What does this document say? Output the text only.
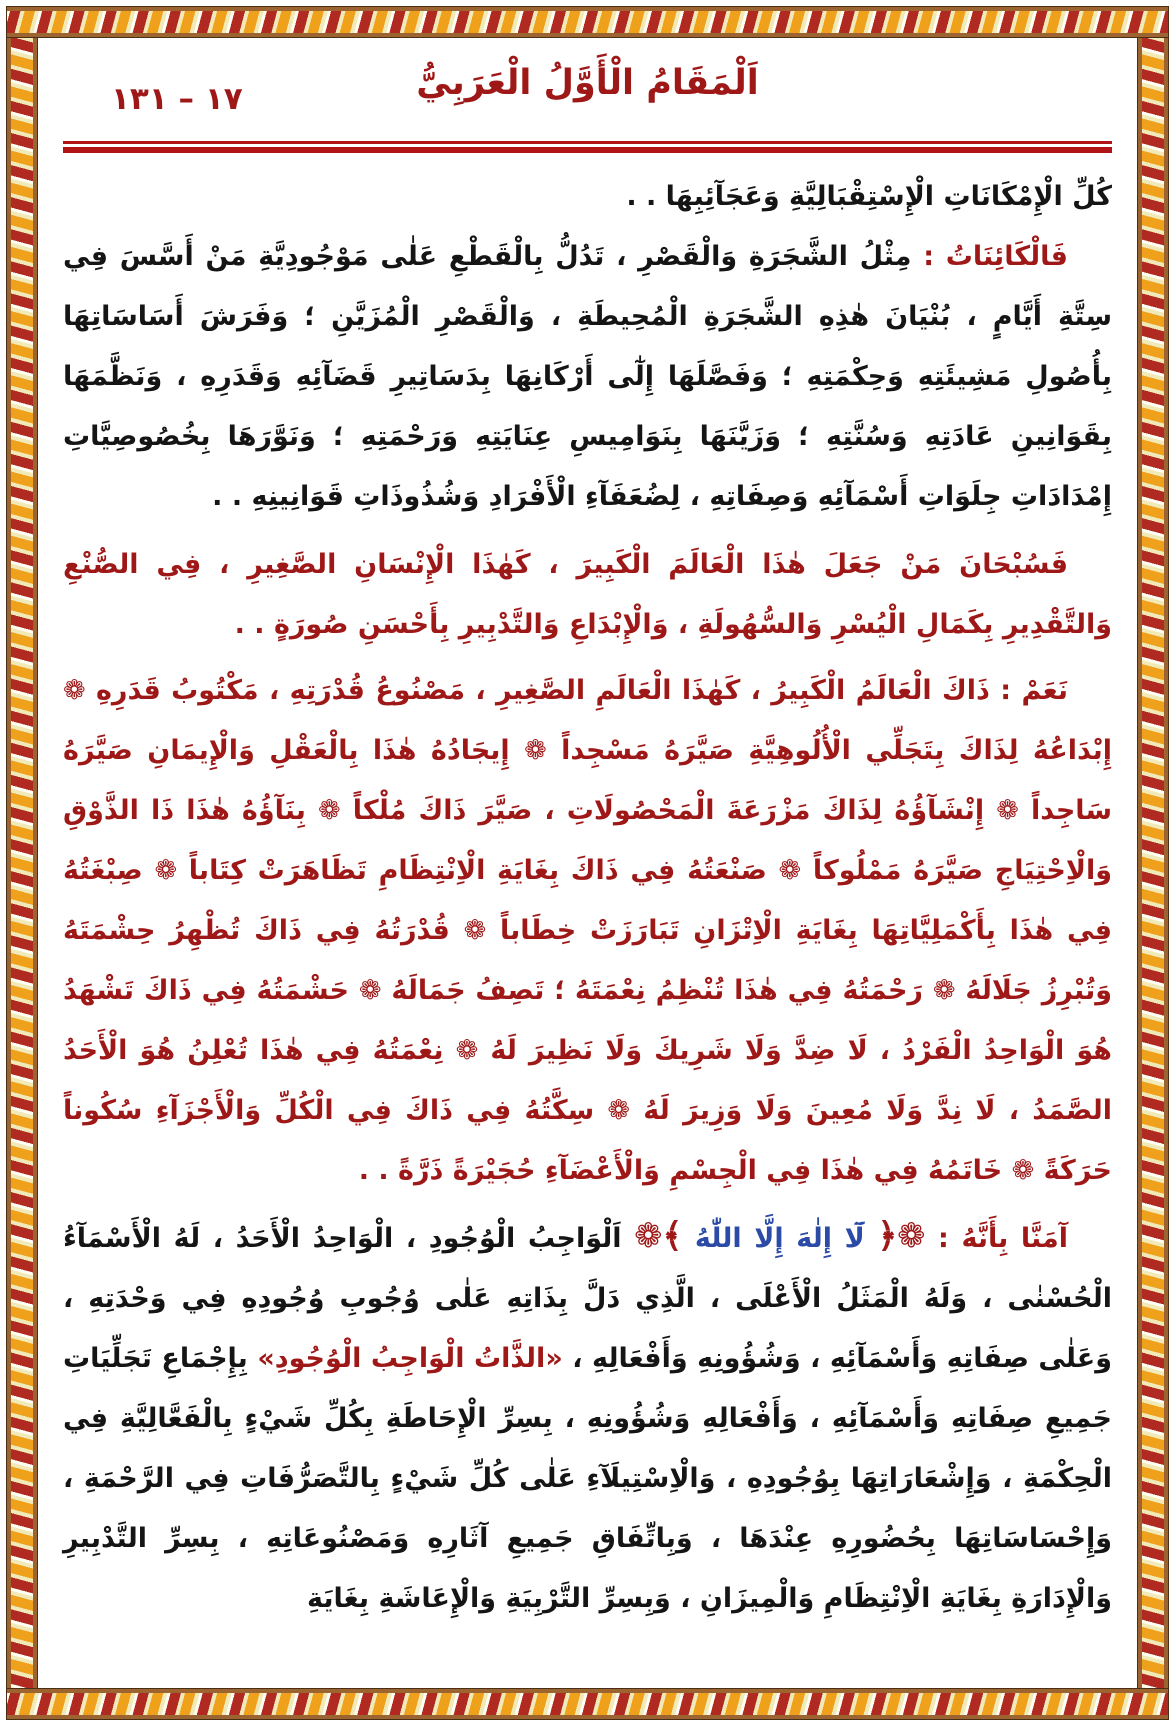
١٧ – ١٣١	اَلْمَقَامُ الْأَوَّلُ الْعَرَبِيُّ

كُلِّ الْإِمْكَانَاتِ الْإِسْتِقْبَالِيَّةِ وَعَجَآئِبِهَا . .

فَالْكَائِنَاتُ : مِثْلُ الشَّجَرَةِ وَالْقَصْرِ ، تَدُلُّ بِالْقَطْعِ عَلٰى مَوْجُودِيَّةِ مَنْ أَسَّسَ فِي سِتَّةِ أَيَّامٍ ، بُنْيَانَ هٰذِهِ الشَّجَرَةِ الْمُحِيطَةِ ، وَالْقَصْرِ الْمُزَيَّنِ ؛ وَفَرَشَ أَسَاسَاتِهَا بِأُصُولِ مَشِيئَتِهِ وَحِكْمَتِهِ ؛ وَفَصَّلَهَا إِلٰٓى أَرْكَانِهَا بِدَسَاتِيرِ قَضَآئِهِ وَقَدَرِهِ ، وَنَظَّمَهَا بِقَوَانِينِ عَادَتِهِ وَسُنَّتِهِ ؛ وَزَيَّنَهَا بِنَوَامِيسِ عِنَايَتِهِ وَرَحْمَتِهِ ؛ وَنَوَّرَهَا بِخُصُوصِيَّاتِ إِمْدَادَاتِ جِلَوَاتِ أَسْمَآئِهِ وَصِفَاتِهِ ، لِضُعَفَآءِ الْأَفْرَادِ وَشُذُوذَاتِ قَوَانِينِهِ . .

فَسُبْحَانَ مَنْ جَعَلَ هٰذَا الْعَالَمَ الْكَبِيرَ ، كَهٰذَا الْإِنْسَانِ الصَّغِيرِ ، فِي الصُّنْعِ وَالتَّقْدِيرِ بِكَمَالِ الْيُسْرِ وَالسُّهُولَةِ ، وَالْإِبْدَاعِ وَالتَّدْبِيرِ بِأَحْسَنِ صُورَةٍ . .

نَعَمْ : ذَاكَ الْعَالَمُ الْكَبِيرُ ، كَهٰذَا الْعَالَمِ الصَّغِيرِ ، مَصْنُوعُ قُدْرَتِهِ ، مَكْتُوبُ قَدَرِهِ ❁ إِبْدَاعُهُ لِذَاكَ بِتَجَلِّي الْأُلُوهِيَّةِ صَيَّرَهُ مَسْجِداً ❁ إِيجَادُهُ هٰذَا بِالْعَقْلِ وَالْإِيمَانِ صَيَّرَهُ سَاجِداً ❁ إِنْشَآؤُهُ لِذَاكَ مَزْرَعَةَ الْمَحْصُولَاتِ ، صَيَّرَ ذَاكَ مُلْكاً ❁ بِنَآؤُهُ هٰذَا ذَا الذَّوْقِ وَالْاِحْتِيَاجِ صَيَّرَهُ مَمْلُوكاً ❁ صَنْعَتُهُ فِي ذَاكَ بِغَايَةِ الْاِنْتِظَامِ تَظَاهَرَتْ كِتَاباً ❁ صِبْغَتُهُ فِي هٰذَا بِأَكْمَلِيَّاتِهَا بِغَايَةِ الْاِتْزَانِ تَبَارَزَتْ خِطَاباً ❁ قُدْرَتُهُ فِي ذَاكَ تُظْهِرُ حِشْمَتَهُ وَتُبْرِزُ جَلَالَهُ ❁ رَحْمَتُهُ فِي هٰذَا تُنْظِمُ نِعْمَتَهُ ؛ تَصِفُ جَمَالَهُ ❁ حَشْمَتُهُ فِي ذَاكَ تَشْهَدُ هُوَ الْوَاحِدُ الْفَرْدُ ، لَا ضِدَّ وَلَا شَرِيكَ وَلَا نَظِيرَ لَهُ ❁ نِعْمَتُهُ فِي هٰذَا تُعْلِنُ هُوَ الْأَحَدُ الصَّمَدُ ، لَا نِدَّ وَلَا مُعِينَ وَلَا وَزِيرَ لَهُ ❁ سِكَّتُهُ فِي ذَاكَ فِي الْكُلِّ وَالْأَجْزَآءِ سُكُوناً حَرَكَةً ❁ خَاتَمُهُ فِي هٰذَا فِي الْجِسْمِ وَالْأَعْضَآءِ حُجَيْرَةً ذَرَّةً . .

آمَنَّا بِأَنَّهُ : ❁﴿ لَٓا إِلٰهَ إِلَّا اللّٰهُ ﴾❁ اَلْوَاجِبُ الْوُجُودِ ، الْوَاحِدُ الْأَحَدُ ، لَهُ الْأَسْمَآءُ الْحُسْنٰى ، وَلَهُ الْمَثَلُ الْأَعْلَى ، الَّذِي دَلَّ بِذَاتِهِ عَلٰى وُجُوبِ وُجُودِهِ فِي وَحْدَتِهِ ، وَعَلٰى صِفَاتِهِ وَأَسْمَآئِهِ ، وَشُؤُونِهِ وَأَفْعَالِهِ ، «الذَّاتُ الْوَاجِبُ الْوُجُودِ» بِإِجْمَاعِ تَجَلِّيَاتِ جَمِيعِ صِفَاتِهِ وَأَسْمَآئِهِ ، وَأَفْعَالِهِ وَشُؤُونِهِ ، بِسِرِّ الْإِحَاطَةِ بِكُلِّ شَيْءٍ بِالْفَعَّالِيَّةِ فِي الْحِكْمَةِ ، وَإِشْعَارَاتِهَا بِوُجُودِهِ ، وَالْاِسْتِيلَآءِ عَلٰى كُلِّ شَيْءٍ بِالتَّصَرُّفَاتِ فِي الرَّحْمَةِ ، وَإِحْسَاسَاتِهَا بِحُضُورِهِ عِنْدَهَا ، وَبِاتِّفَاقِ جَمِيعِ آثَارِهِ وَمَصْنُوعَاتِهِ ، بِسِرِّ التَّدْبِيرِ وَالْإِدَارَةِ بِغَايَةِ الْاِنْتِظَامِ وَالْمِيزَانِ ، وَبِسِرِّ التَّرْبِيَةِ وَالْإِعَاشَةِ بِغَايَةِ
